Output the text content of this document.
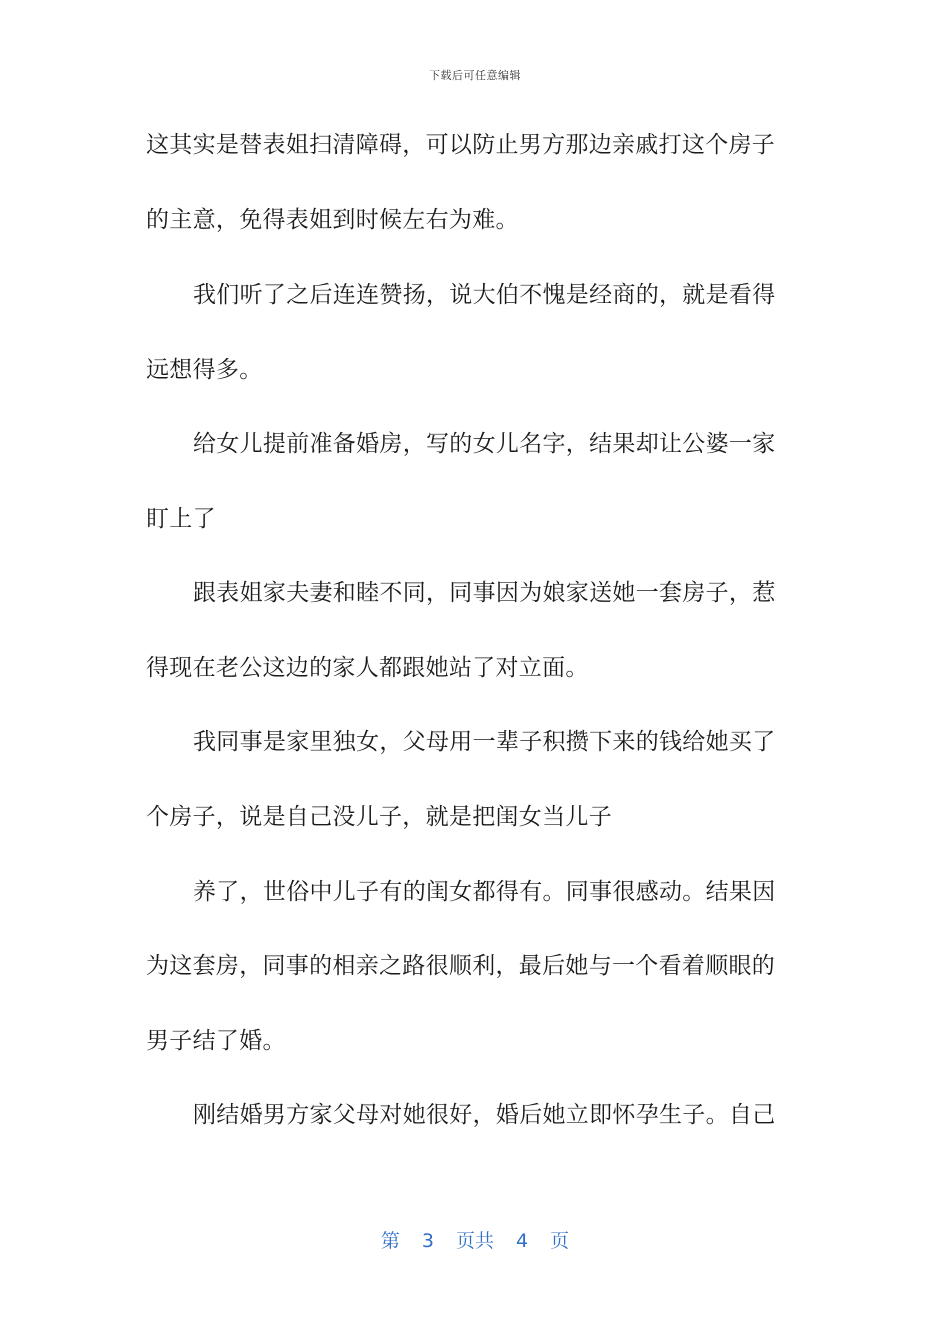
下载后可任意编辑
这其实是替表姐扫清障碍，可以防止男方那边亲戚打这个房子
的主意，免得表姐到时候左右为难。
我们听了之后连连赞扬，说大伯不愧是经商的，就是看得
远想得多。
给女儿提前准备婚房，写的女儿名字，结果却让公婆一家
盯上了
跟表姐家夫妻和睦不同，同事因为娘家送她一套房子，惹
得现在老公这边的家人都跟她站了对立面。
我同事是家里独女，父母用一辈子积攒下来的钱给她买了
个房子，说是自己没儿子，就是把闺女当儿子
养了，世俗中儿子有的闺女都得有。同事很感动。结果因
为这套房，同事的相亲之路很顺利，最后她与一个看着顺眼的
男子结了婚。
刚结婚男方家父母对她很好，婚后她立即怀孕生子。自己
第 3 页共 4 页
